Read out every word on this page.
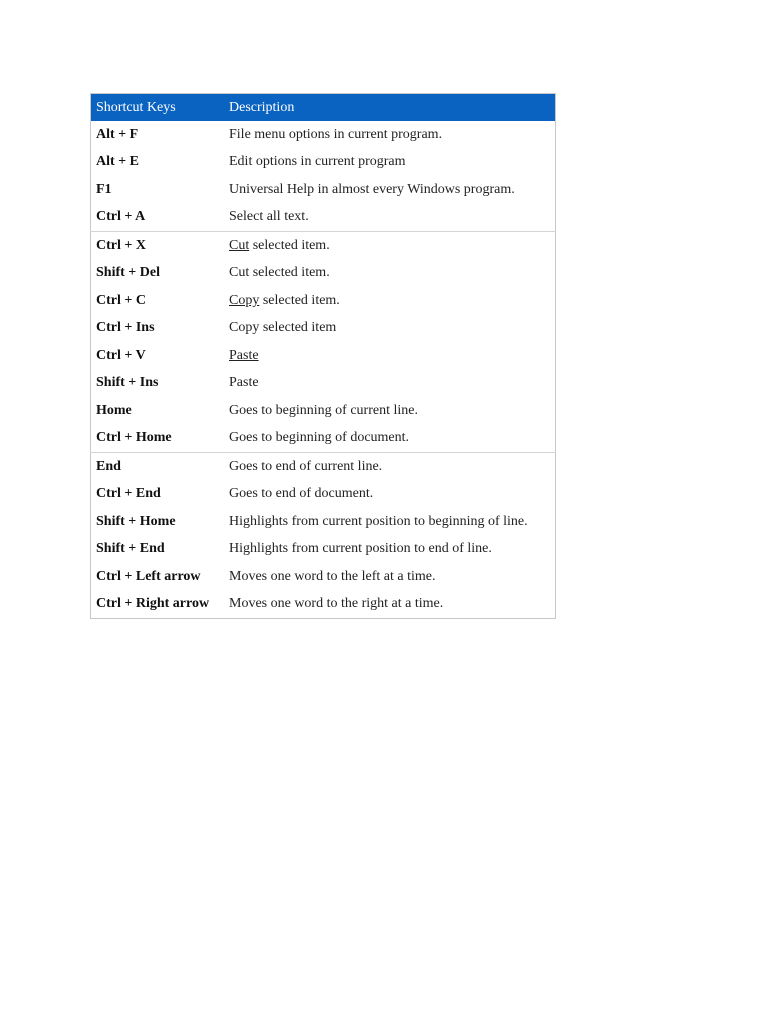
Shortcut Keys	Description
Alt + F	File menu options in current program.
Alt + E	Edit options in current program
F1	Universal Help in almost every Windows program.
Ctrl + A	Select all text.
Ctrl + X	Cut selected item.
Shift + Del	Cut selected item.
Ctrl + C	Copy selected item.
Ctrl + Ins	Copy selected item
Ctrl + V	Paste
Shift + Ins	Paste
Home	Goes to beginning of current line.
Ctrl + Home	Goes to beginning of document.
End	Goes to end of current line.
Ctrl + End	Goes to end of document.
Shift + Home	Highlights from current position to beginning of line.
Shift + End	Highlights from current position to end of line.
Ctrl + Left arrow	Moves one word to the left at a time.
Ctrl + Right arrow	Moves one word to the right at a time.
